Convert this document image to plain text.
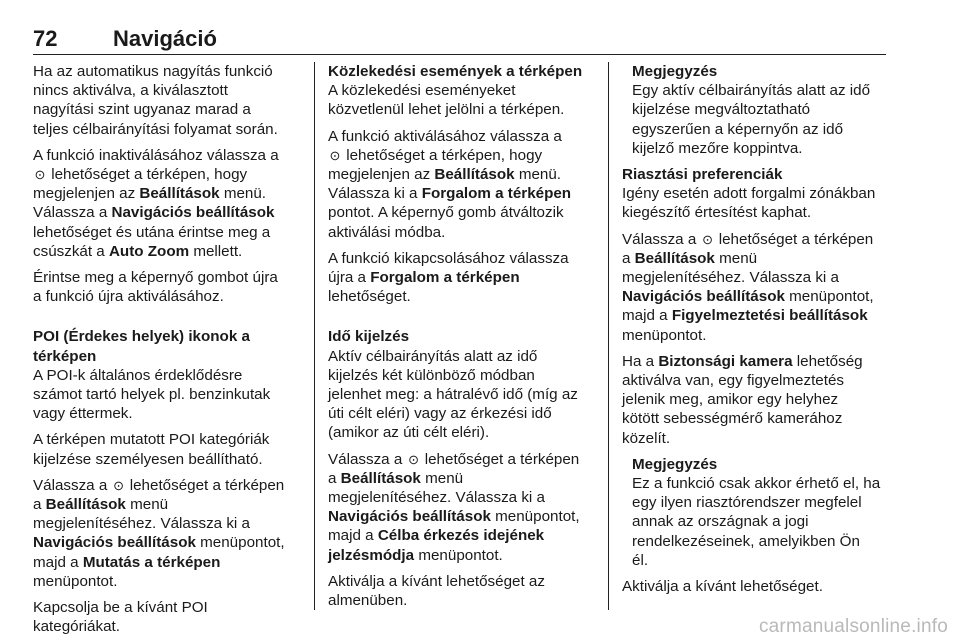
72	Navigáció

Ha az automatikus nagyítás funkció
nincs aktiválva, a kiválasztott
nagyítási szint ugyanaz marad a
teljes célbairányítási folyamat során.

A funkció inaktiválásához válassza a
⊙ lehetőséget a térképen, hogy
megjelenjen az Beállítások menü.
Válassza a Navigációs beállítások
lehetőséget és utána érintse meg a
csúszkát a Auto Zoom mellett.

Érintse meg a képernyő gombot újra
a funkció újra aktiválásához.

POI (Érdekes helyek) ikonok a
térképen

A POI-k általános érdeklődésre
számot tartó helyek pl. benzinkutak
vagy éttermek.

A térképen mutatott POI kategóriák
kijelzése személyesen beállítható.

Válassza a ⊙ lehetőséget a térképen
a Beállítások menü
megjelenítéséhez. Válassza ki a
Navigációs beállítások menüpontot,
majd a Mutatás a térképen
menüpontot.

Kapcsolja be a kívánt POI
kategóriákat.

Közlekedési események a térképen

A közlekedési eseményeket
közvetlenül lehet jelölni a térképen.

A funkció aktiválásához válassza a
⊙ lehetőséget a térképen, hogy
megjelenjen az Beállítások menü.
Válassza ki a Forgalom a térképen
pontot. A képernyő gomb átváltozik
aktiválási módba.

A funkció kikapcsolásához válassza
újra a Forgalom a térképen
lehetőséget.

Idő kijelzés

Aktív célbairányítás alatt az idő
kijelzés két különböző módban
jelenhet meg: a hátralévő idő (míg az
úti célt eléri) vagy az érkezési idő
(amikor az úti célt eléri).

Válassza a ⊙ lehetőséget a térképen
a Beállítások menü
megjelenítéséhez. Válassza ki a
Navigációs beállítások menüpontot,
majd a Célba érkezés idejének
jelzésmódja menüpontot.

Aktiválja a kívánt lehetőséget az
almenüben.

Megjegyzés

Egy aktív célbairányítás alatt az idő
kijelzése megváltoztatható
egyszerűen a képernyőn az idő
kijelző mezőre koppintva.

Riasztási preferenciák

Igény esetén adott forgalmi zónákban
kiegészítő értesítést kaphat.

Válassza a ⊙ lehetőséget a térképen
a Beállítások menü
megjelenítéséhez. Válassza ki a
Navigációs beállítások menüpontot,
majd a Figyelmeztetési beállítások
menüpontot.

Ha a Biztonsági kamera lehetőség
aktiválva van, egy figyelmeztetés
jelenik meg, amikor egy helyhez
kötött sebességmérő kamerához
közelít.

Megjegyzés

Ez a funkció csak akkor érhető el, ha
egy ilyen riasztórendszer megfelel
annak az országnak a jogi
rendelkezéseinek, amelyikben Ön
él.

Aktiválja a kívánt lehetőséget.

carmanualsonline.info
